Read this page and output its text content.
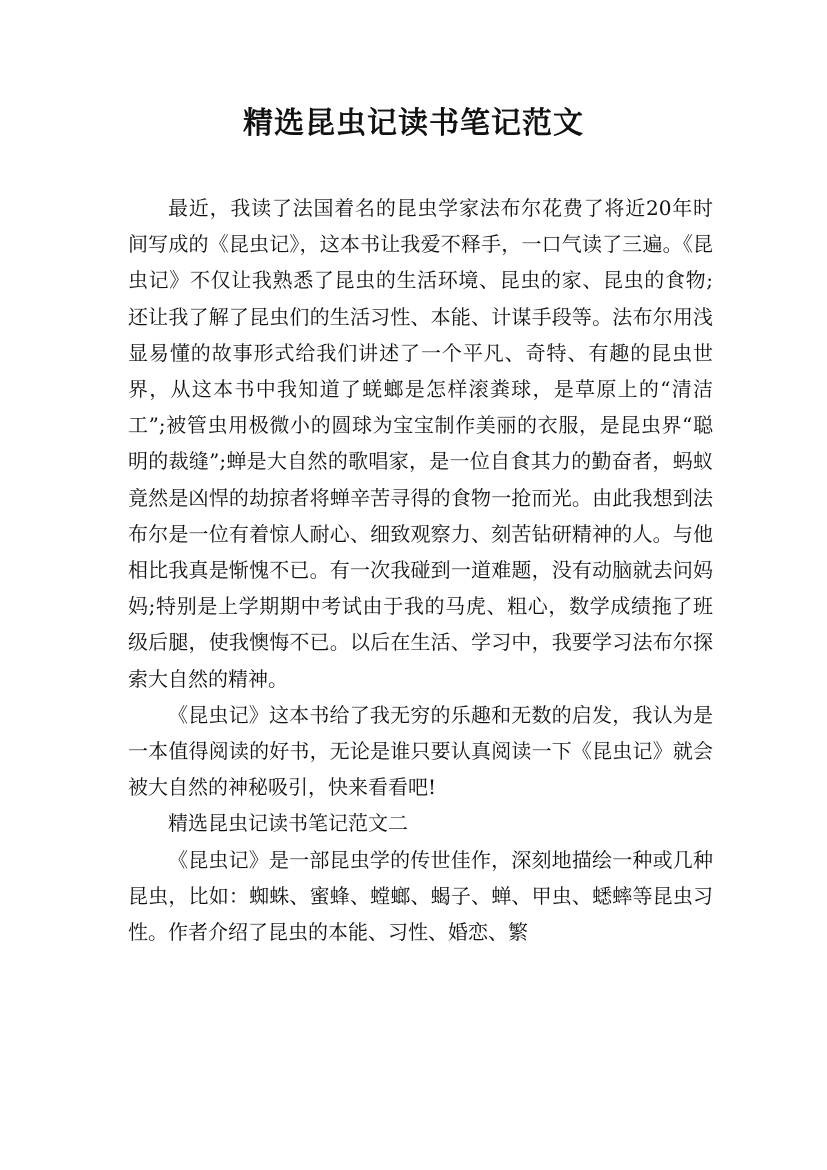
精选昆虫记读书笔记范文

最近，我读了法国着名的昆虫学家法布尔花费了将近20年时间写成的《昆虫记》，这本书让我爱不释手，一口气读了三遍。《昆虫记》不仅让我熟悉了昆虫的生活环境、昆虫的家、昆虫的食物;还让我了解了昆虫们的生活习性、本能、计谋手段等。法布尔用浅显易懂的故事形式给我们讲述了一个平凡、奇特、有趣的昆虫世界，从这本书中我知道了蜣螂是怎样滚粪球，是草原上的“清洁工”;被管虫用极微小的圆球为宝宝制作美丽的衣服，是昆虫界“聪明的裁缝”;蝉是大自然的歌唱家，是一位自食其力的勤奋者，蚂蚁竟然是凶悍的劫掠者将蝉辛苦寻得的食物一抢而光。由此我想到法布尔是一位有着惊人耐心、细致观察力、刻苦钻研精神的人。与他相比我真是惭愧不已。有一次我碰到一道难题，没有动脑就去问妈妈;特别是上学期期中考试由于我的马虎、粗心，数学成绩拖了班级后腿，使我懊悔不已。以后在生活、学习中，我要学习法布尔探索大自然的精神。

《昆虫记》这本书给了我无穷的乐趣和无数的启发，我认为是一本值得阅读的好书，无论是谁只要认真阅读一下《昆虫记》就会被大自然的神秘吸引，快来看看吧!

精选昆虫记读书笔记范文二

《昆虫记》是一部昆虫学的传世佳作，深刻地描绘一种或几种昆虫，比如：蜘蛛、蜜蜂、螳螂、蝎子、蝉、甲虫、蟋蟀等昆虫习性。作者介绍了昆虫的本能、习性、婚恋、繁
